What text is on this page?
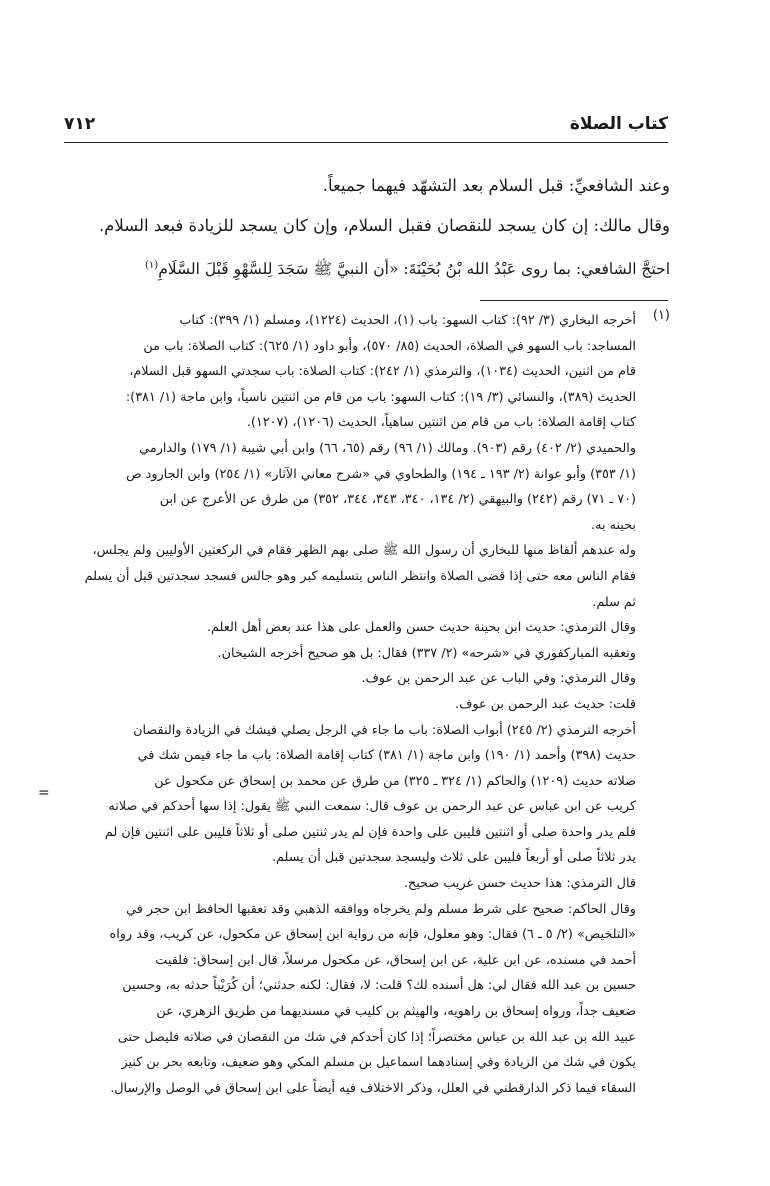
كتاب الصلاة
٧١٢
وعند الشافعيِّ: قبل السلام بعد التشهّد فيهما جميعاً.
وقال مالك: إن كان يسجد للنقصان فقبل السلام، وإن كان يسجد للزيادة فبعد السلام.
احتجَّ الشافعي: بما روى عَبْدُ الله بْنُ بُحَيْنَةَ: «أن النبيَّ ﷺ سَجَدَ لِلسَّهْوِ قَبْلَ السَّلَامِ$^{(١)}$
(١)
أخرجه البخاري (٣/ ٩٢): كتاب السهو: باب (١)، الحديث (١٢٢٤)، ومسلم (١/ ٣٩٩): كتاب
المساجد: باب السهو في الصلاة، الحديث (٨٥/ ٥٧٠)، وأبو داود (١/ ٦٢٥): كتاب الصلاة: باب من
قام من اثنين، الحديث (١٠٣٤)، والترمذي (١/ ٢٤٢): كتاب الصلاة: باب سجدتي السهو قبل السلام،
الحديث (٣٨٩)، والنسائي (٣/ ١٩): كتاب السهو: باب من قام من اثنتين ناسياً، وابن ماجة (١/ ٣٨١):
كتاب إقامة الصلاة: باب من قام من اثنتين ساهياً، الحديث (١٢٠٦)، (١٢٠٧).
والحميدي (٢/ ٤٠٢) رقم (٩٠٣). ومالك (١/ ٩٦) رقم (٦٥، ٦٦) وابن أبي شيبة (١/ ١٧٩) والدارمي
(١/ ٣٥٣) وأبو عوانة (٢/ ١٩٣ ـ ١٩٤) والطحاوي في «شرح معاني الآثار» (١/ ٢٥٤) وابن الجارود ص
(٧٠ ـ ٧١) رقم (٢٤٢) والبيهقي (٢/ ١٣٤، ٣٤٠، ٣٤٣، ٣٤٤، ٣٥٢) من طرق عن الأعرج عن ابن
بحينه به.
وله عندهم ألفاظ منها للبخاري أن رسول الله ﷺ صلى بهم الظهر فقام في الركعتين الأوليين ولم يجلس،
فقام الناس معه حتى إذا قضى الصلاة وانتظر الناس بتسليمه كبر وهو جالس فسجد سجدتين قبل أن يسلم
ثم سلم.
وقال الترمذي: حديث ابن بحينة حديث حسن والعمل على هذا عند بعض أهل العلم.
وتعقبه المباركفوري في «شرحه» (٢/ ٣٣٧) فقال: بل هو صحيح أخرجه الشيخان.
وقال الترمذي: وفي الباب عن عبد الرحمن بن عوف.
قلت: حديث عبد الرحمن بن عوف.
أخرجه الترمذي (٢/ ٢٤٥) أبواب الصلاة: باب ما جاء في الرجل يصلي فيشك في الزيادة والنقصان
حديث (٣٩٨) وأحمد (١/ ١٩٠) وابن ماجة (١/ ٣٨١) كتاب إقامة الصلاة: باب ما جاء فيمن شك في
صلاته حديث (١٢٠٩) والحاكم (١/ ٣٢٤ ـ ٣٢٥) من طرق عن محمد بن إسحاق عن مكحول عن
كريب عن ابن عباس عن عبد الرحمن بن عوف قال: سمعت النبي ﷺ يقول: إذا سها أحدكم في صلاته
فلم يدر واحدة صلى أو اثنتين فليبن على واحدة فإن لم يدر ثنتين صلى أو ثلاثاً فليبن على اثنتين فإن لم
يدر ثلاثاً صلى أو أربعاً فليبن على ثلاث وليسجد سجدتين قبل أن يسلم.
قال الترمذي: هذا حديث حسن غريب صحيح.
وقال الحاكم: صحيح على شرط مسلم ولم يخرجاه ووافقه الذهبي وقد تعقبها الحافظ ابن حجر في
«التلخيص» (٢/ ٥ ـ ٦) فقال: وهو معلول، فإنه من رواية ابن إسحاق عن مكحول، عن كريب، وقد رواه
أحمد في مسنده، عن ابن علية، عن ابن إسحاق، عن مكحول مرسلاً، قال ابن إسحاق: فلقيت
حسين بن عبد الله فقال لي: هل أسنده لك؟ قلت: لا، فقال: لكنه حدثني؛ أن كُرَيْباً حدثه به، وحسين
ضعيف جداً، ورواه إسحاق بن راهويه، والهيثم بن كليب في مسنديهما من طريق الزهري، عن
عبيد الله بن عبد الله بن عباس مختصراً؛ إذا كان أحدكم في شك من النقصان في صلاته فليصل حتى
يكون في شك من الزيادة وفي إسنادهما اسماعيل بن مسلم المكي وهو ضعيف، وتابعه بحر بن كنيز
السقاء فيما ذكر الدارقطني في العلل، وذكر الاختلاف فيه أيضاً على ابن إسحاق في الوصل والإرسال.
=
